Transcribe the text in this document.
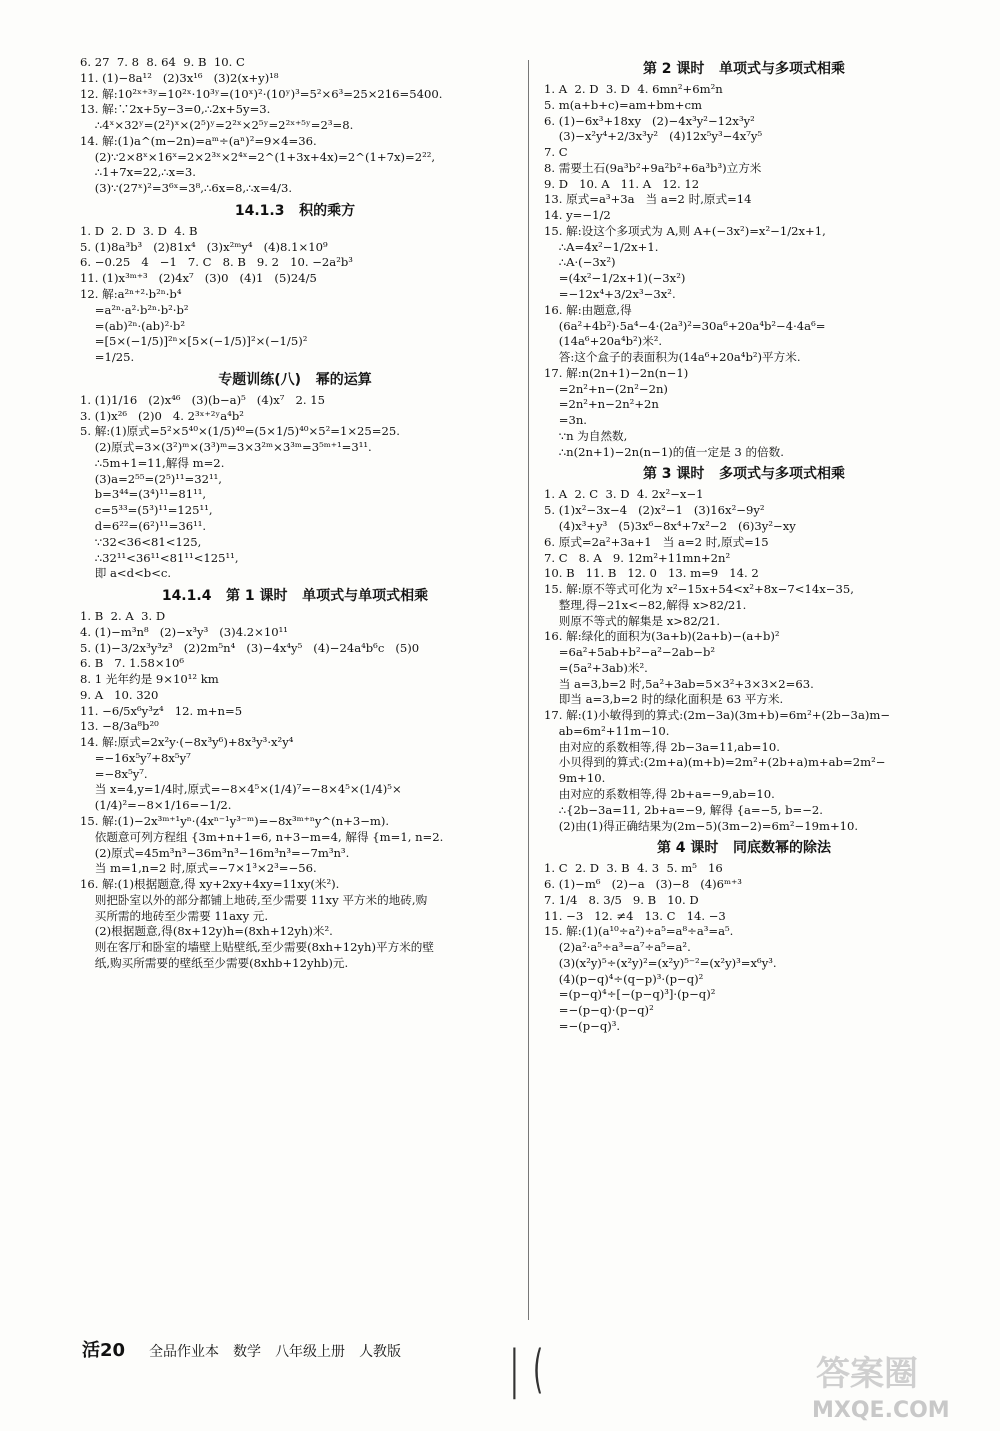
6. 27  7. 8  8. 64  9. B  10. C
11. (1)−8a¹²   (2)3x¹⁶   (3)2(x+y)¹⁸
12. 解:10²ˣ⁺³ʸ=10²ˣ·10³ʸ=(10ˣ)²·(10ʸ)³=5²×6³=25×216=5400.
13. 解:∵2x+5y−3=0,∴2x+5y=3.
∴4ˣ×32ʸ=(2²)ˣ×(2⁵)ʸ=2²ˣ×2⁵ʸ=2²ˣ⁺⁵ʸ=2³=8.
14. 解:(1)a^(m−2n)=aᵐ÷(aⁿ)²=9×4=36.
(2)∵2×8ˣ×16ˣ=2×2³ˣ×2⁴ˣ=2^(1+3x+4x)=2^(1+7x)=2²²,
∴1+7x=22,∴x=3.
(3)∵(27ˣ)²=3⁶ˣ=3⁸,∴6x=8,∴x=4/3.
14.1.3   积的乘方
1. D  2. D  3. D  4. B
5. (1)8a³b³   (2)81x⁴   (3)x²ᵐy⁴   (4)8.1×10⁹
6. −0.25   4   −1   7. C   8. B   9. 2   10. −2a²b³
11. (1)x³ᵐ⁺³   (2)4x⁷   (3)0   (4)1   (5)24/5
12. 解:a²ⁿ⁺²·b²ⁿ·b⁴
=a²ⁿ·a²·b²ⁿ·b²·b²
=(ab)²ⁿ·(ab)²·b²
=[5×(−1/5)]²ⁿ×[5×(−1/5)]²×(−1/5)²
=1/25.
专题训练(八)   幂的运算
1. (1)1/16   (2)x⁴⁶   (3)(b−a)⁵   (4)x⁷   2. 15
3. (1)x²⁶   (2)0   4. 2³ˣ⁺²ʸa⁴b²
5. 解:(1)原式=5²×5⁴⁰×(1/5)⁴⁰=(5×1/5)⁴⁰×5²=1×25=25.
(2)原式=3×(3²)ᵐ×(3³)ᵐ=3×3²ᵐ×3³ᵐ=3⁵ᵐ⁺¹=3¹¹.
∴5m+1=11,解得 m=2.
(3)a=2⁵⁵=(2⁵)¹¹=32¹¹,
b=3⁴⁴=(3⁴)¹¹=81¹¹,
c=5³³=(5³)¹¹=125¹¹,
d=6²²=(6²)¹¹=36¹¹.
∵32<36<81<125,
∴32¹¹<36¹¹<81¹¹<125¹¹,
即 a<d<b<c.
14.1.4   第 1 课时   单项式与单项式相乘
1. B  2. A  3. D
4. (1)−m³n⁸   (2)−x³y³   (3)4.2×10¹¹
5. (1)−3/2x³y³z³   (2)2m⁵n⁴   (3)−4x⁴y⁵   (4)−24a⁴b⁶c   (5)0
6. B   7. 1.58×10⁶
8. 1 光年约是 9×10¹² km
9. A   10. 320
11. −6/5x⁶y³z⁴   12. m+n=5
13. −8/3a⁸b²⁰
14. 解:原式=2x²y·(−8x³y⁶)+8x³y³·x²y⁴
=−16x⁵y⁷+8x⁵y⁷
=−8x⁵y⁷.
当 x=4,y=1/4时,原式=−8×4⁵×(1/4)⁷=−8×4⁵×(1/4)⁵×
(1/4)²=−8×1/16=−1/2.
15. 解:(1)−2x³ᵐ⁺¹yⁿ·(4xⁿ⁻¹y³⁻ᵐ)=−8x³ᵐ⁺ⁿy^(n+3−m).
依题意可列方程组 {3m+n+1=6, n+3−m=4, 解得 {m=1, n=2.
(2)原式=45m³n³−36m³n³−16m³n³=−7m³n³.
当 m=1,n=2 时,原式=−7×1³×2³=−56.
16. 解:(1)根据题意,得 xy+2xy+4xy=11xy(米²).
则把卧室以外的部分都铺上地砖,至少需要 11xy 平方米的地砖,购
买所需的地砖至少需要 11axy 元.
(2)根据题意,得(8x+12y)h=(8xh+12yh)米².
则在客厅和卧室的墙壁上贴壁纸,至少需要(8xh+12yh)平方米的壁
纸,购买所需要的壁纸至少需要(8xhb+12yhb)元.
第 2 课时   单项式与多项式相乘
1. A  2. D  3. D  4. 6mn²+6m²n
5. m(a+b+c)=am+bm+cm
6. (1)−6x³+18xy   (2)−4x³y²−12x³y²
(3)−x²y⁴+2/3x³y²   (4)12x⁵y³−4x⁷y⁵
7. C
8. 需要土石(9a³b²+9a²b²+6a³b³)立方米
9. D   10. A   11. A   12. 12
13. 原式=a³+3a   当 a=2 时,原式=14
14. y=−1/2
15. 解:设这个多项式为 A,则 A+(−3x²)=x²−1/2x+1,
∴A=4x²−1/2x+1.
∴A·(−3x²)
=(4x²−1/2x+1)(−3x²)
=−12x⁴+3/2x³−3x².
16. 解:由题意,得
(6a²+4b²)·5a⁴−4·(2a³)²=30a⁶+20a⁴b²−4·4a⁶=
(14a⁶+20a⁴b²)米².
答:这个盒子的表面积为(14a⁶+20a⁴b²)平方米.
17. 解:n(2n+1)−2n(n−1)
=2n²+n−(2n²−2n)
=2n²+n−2n²+2n
=3n.
∵n 为自然数,
∴n(2n+1)−2n(n−1)的值一定是 3 的倍数.
第 3 课时   多项式与多项式相乘
1. A  2. C  3. D  4. 2x²−x−1
5. (1)x²−3x−4   (2)x²−1   (3)16x²−9y²
(4)x³+y³   (5)3x⁶−8x⁴+7x²−2   (6)3y²−xy
6. 原式=2a²+3a+1   当 a=2 时,原式=15
7. C   8. A   9. 12m²+11mn+2n²
10. B   11. B   12. 0   13. m=9   14. 2
15. 解:原不等式可化为 x²−15x+54<x²+8x−7<14x−35,
整理,得−21x<−82,解得 x>82/21.
则原不等式的解集是 x>82/21.
16. 解:绿化的面积为(3a+b)(2a+b)−(a+b)²
=6a²+5ab+b²−a²−2ab−b²
=(5a²+3ab)米².
当 a=3,b=2 时,5a²+3ab=5×3²+3×3×2=63.
即当 a=3,b=2 时的绿化面积是 63 平方米.
17. 解:(1)小敏得到的算式:(2m−3a)(3m+b)=6m²+(2b−3a)m−
ab=6m²+11m−10.
由对应的系数相等,得 2b−3a=11,ab=10.
小贝得到的算式:(2m+a)(m+b)=2m²+(2b+a)m+ab=2m²−
9m+10.
由对应的系数相等,得 2b+a=−9,ab=10.
∴{2b−3a=11, 2b+a=−9, 解得 {a=−5, b=−2.
(2)由(1)得正确结果为(2m−5)(3m−2)=6m²−19m+10.
第 4 课时   同底数幂的除法
1. C  2. D  3. B  4. 3  5. m⁵   16
6. (1)−m⁶   (2)−a   (3)−8   (4)6ᵐ⁺³
7. 1/4   8. 3/5   9. B   10. D
11. −3   12. ≠4   13. C   14. −3
15. 解:(1)(a¹⁰÷a²)÷a⁵=a⁸÷a³=a⁵.
(2)a²·a⁵÷a³=a⁷÷a⁵=a².
(3)(x²y)⁵÷(x²y)²=(x²y)⁵⁻²=(x²y)³=x⁶y³.
(4)(p−q)⁴÷(q−p)³·(p−q)²
=(p−q)⁴÷[−(p−q)³]·(p−q)²
=−(p−q)·(p−q)²
=−(p−q)³.
活20 全品作业本 数学 八年级上册 人教版 | (	答案圈
MXQE.COM
